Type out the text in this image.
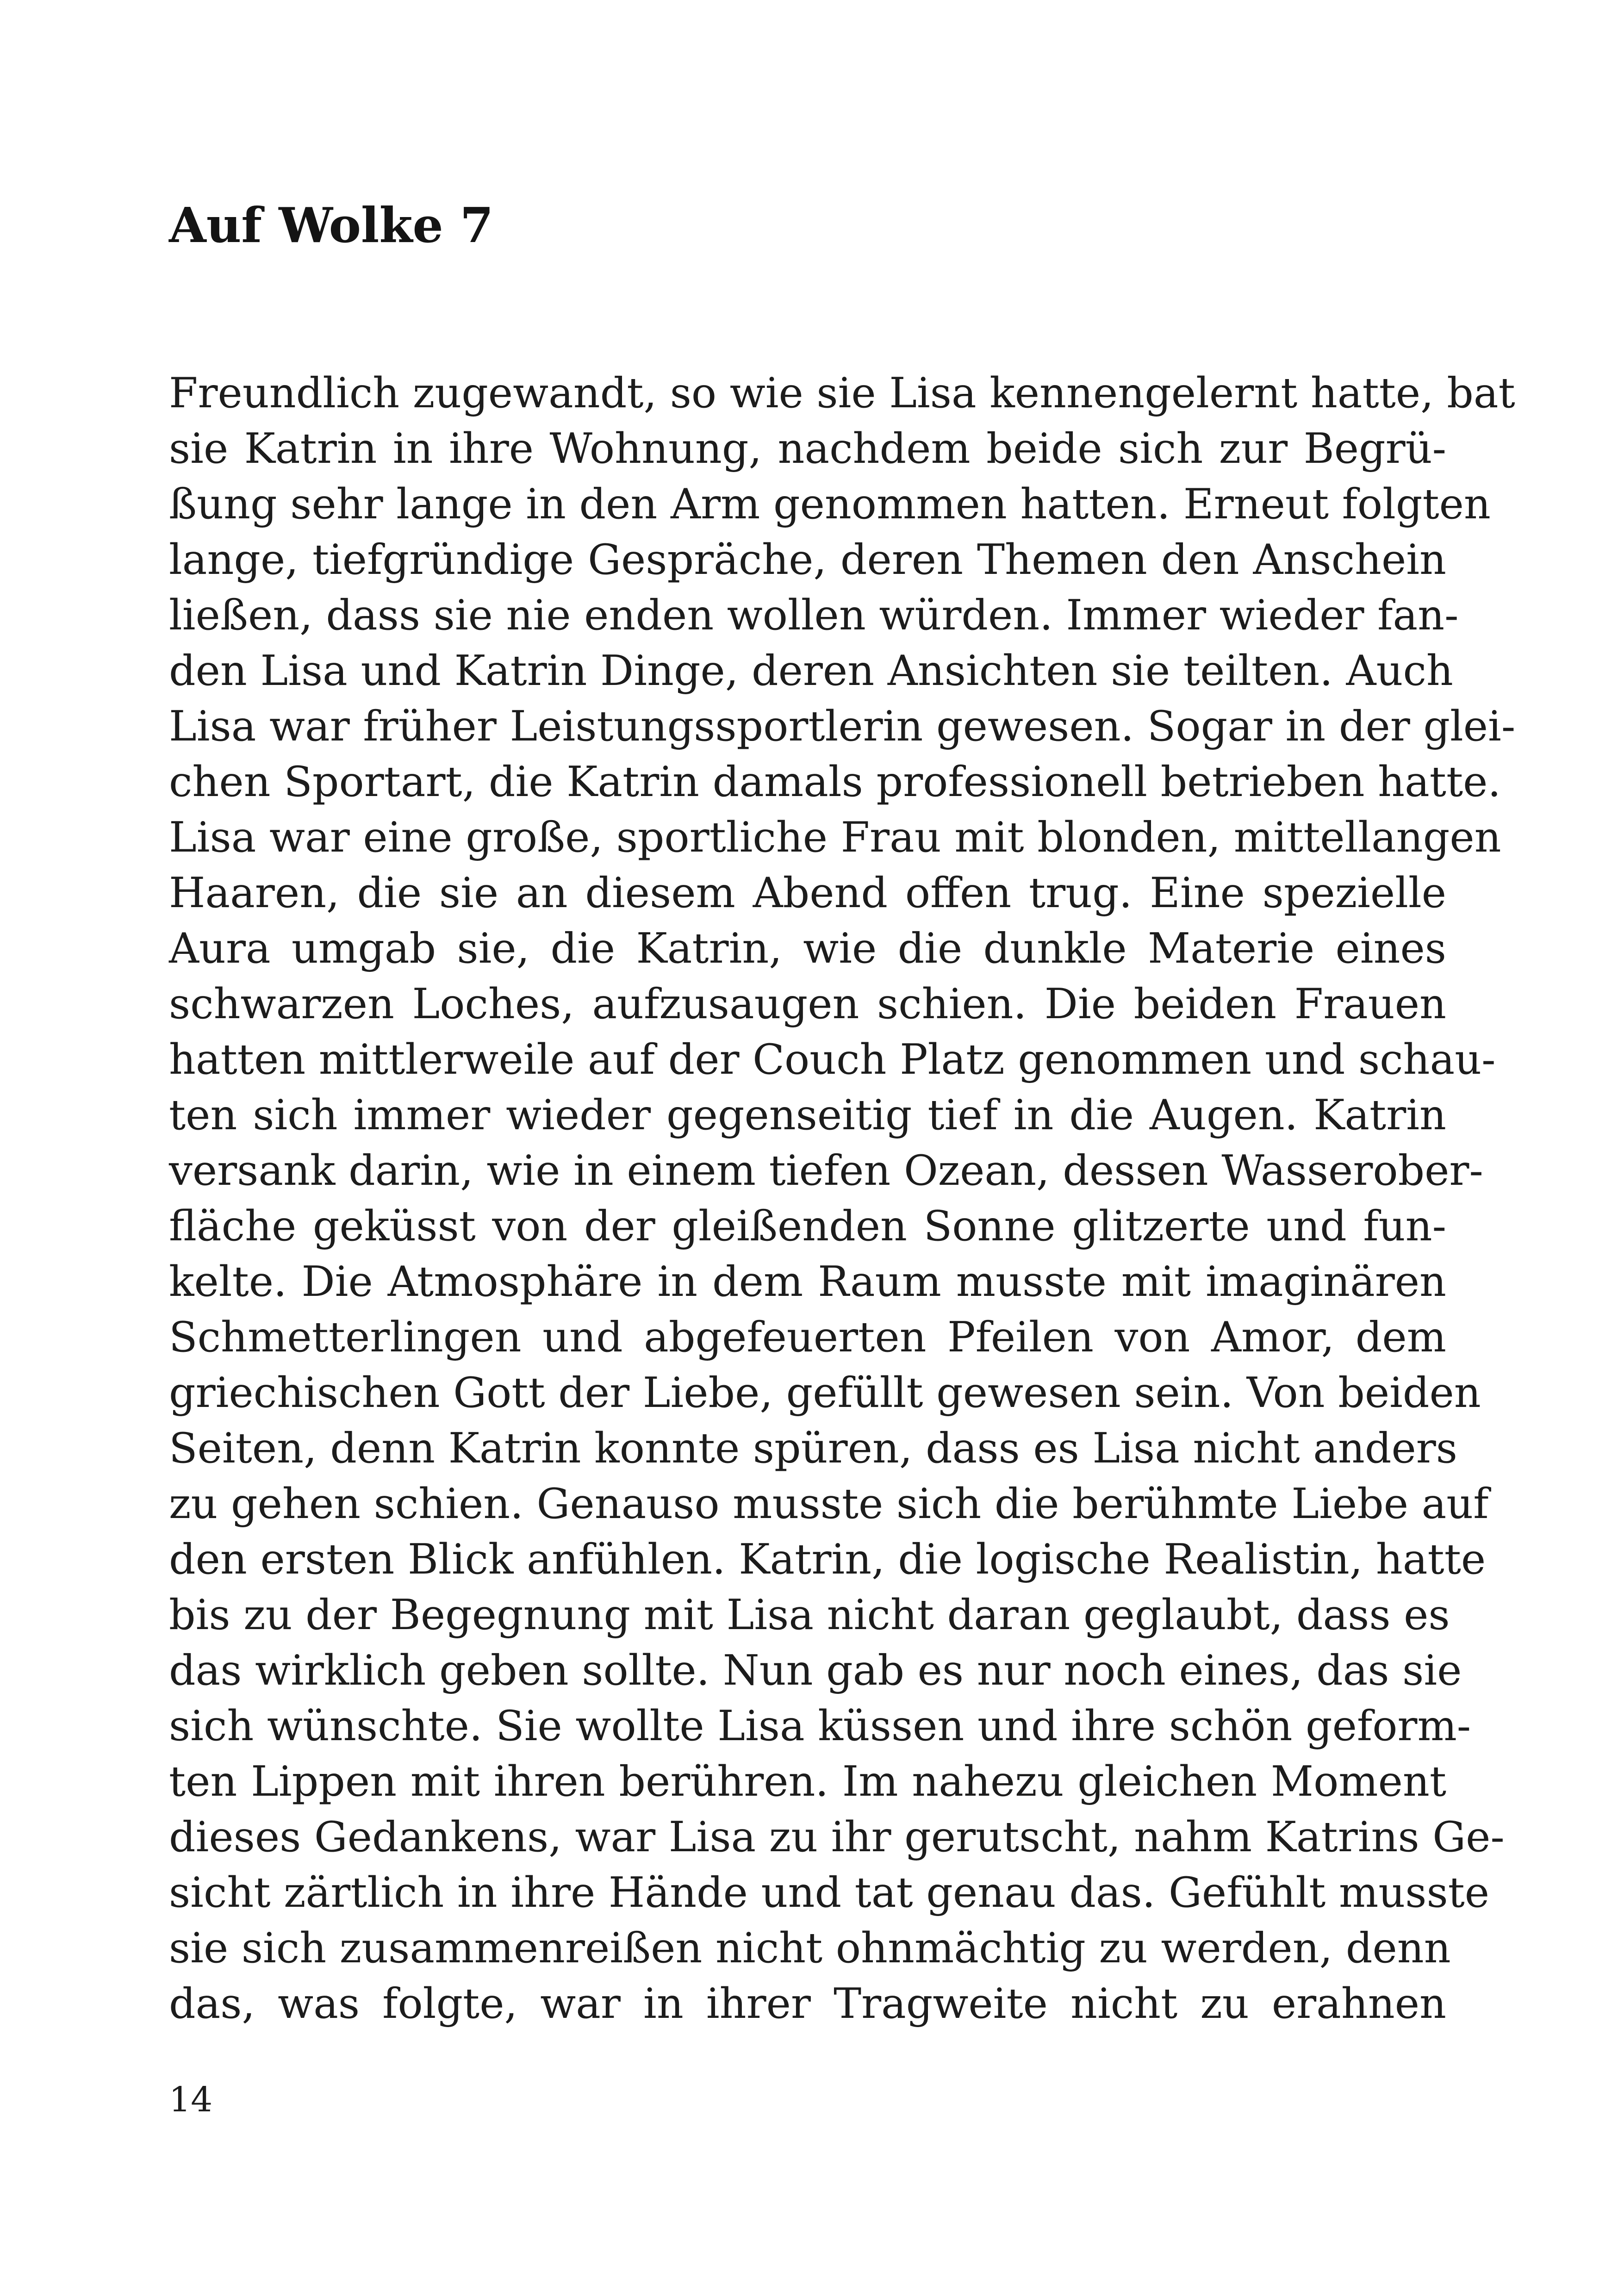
Auf Wolke 7
Freundlich zugewandt, so wie sie Lisa kennengelernt hatte, bat
sie Katrin in ihre Wohnung, nachdem beide sich zur Begrü-
ßung sehr lange in den Arm genommen hatten. Erneut folgten
lange, tiefgründige Gespräche, deren Themen den Anschein
ließen, dass sie nie enden wollen würden. Immer wieder fan-
den Lisa und Katrin Dinge, deren Ansichten sie teilten. Auch
Lisa war früher Leistungssportlerin gewesen. Sogar in der glei-
chen Sportart, die Katrin damals professionell betrieben hatte.
Lisa war eine große, sportliche Frau mit blonden, mittellangen
Haaren, die sie an diesem Abend offen trug. Eine spezielle
Aura umgab sie, die Katrin, wie die dunkle Materie eines
schwarzen Loches, aufzusaugen schien. Die beiden Frauen
hatten mittlerweile auf der Couch Platz genommen und schau-
ten sich immer wieder gegenseitig tief in die Augen. Katrin
versank darin, wie in einem tiefen Ozean, dessen Wasserober-
fläche geküsst von der gleißenden Sonne glitzerte und fun-
kelte. Die Atmosphäre in dem Raum musste mit imaginären
Schmetterlingen und abgefeuerten Pfeilen von Amor, dem
griechischen Gott der Liebe, gefüllt gewesen sein. Von beiden
Seiten, denn Katrin konnte spüren, dass es Lisa nicht anders
zu gehen schien. Genauso musste sich die berühmte Liebe auf
den ersten Blick anfühlen. Katrin, die logische Realistin, hatte
bis zu der Begegnung mit Lisa nicht daran geglaubt, dass es
das wirklich geben sollte. Nun gab es nur noch eines, das sie
sich wünschte. Sie wollte Lisa küssen und ihre schön geform-
ten Lippen mit ihren berühren. Im nahezu gleichen Moment
dieses Gedankens, war Lisa zu ihr gerutscht, nahm Katrins Ge-
sicht zärtlich in ihre Hände und tat genau das. Gefühlt musste
sie sich zusammenreißen nicht ohnmächtig zu werden, denn
das, was folgte, war in ihrer Tragweite nicht zu erahnen

14
